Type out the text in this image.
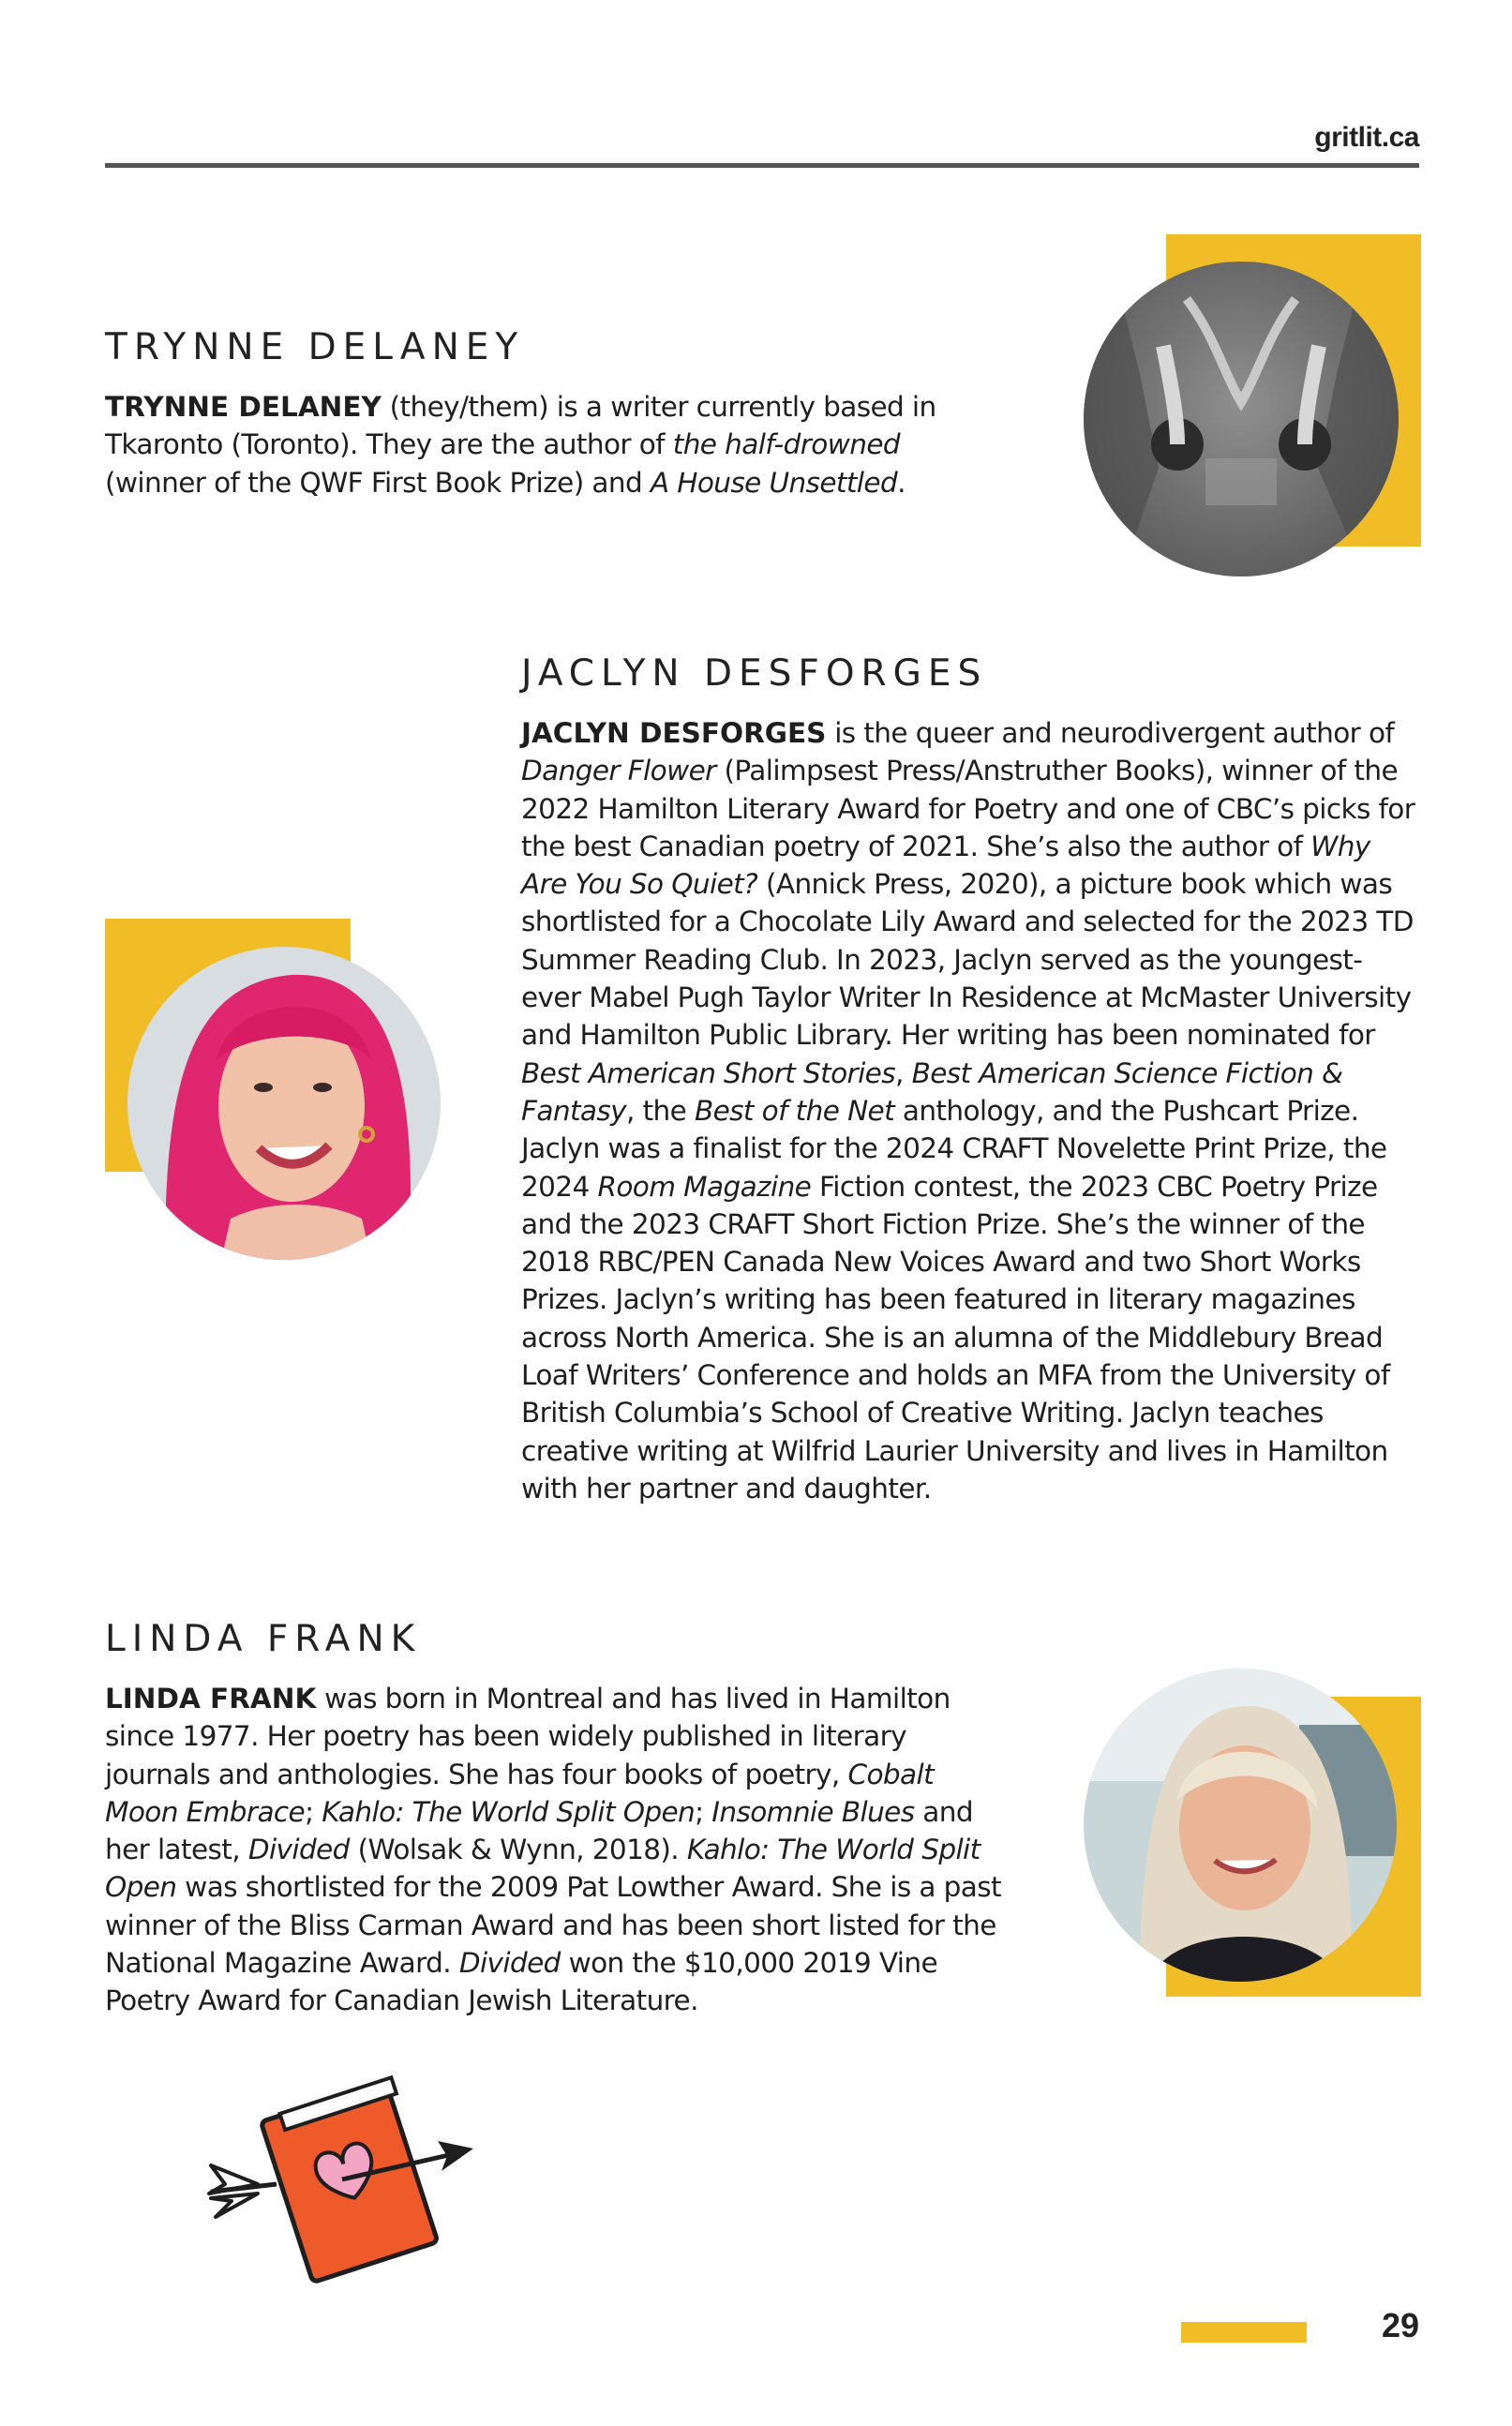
gritlit.ca
TRYNNE DELANEY

TRYNNE DELANEY (they/them) is a writer currently based in Tkaronto (Toronto). They are the author of the half-drowned (winner of the QWF First Book Prize) and A House Unsettled.

JACLYN DESFORGES

JACLYN DESFORGES is the queer and neurodivergent author of Danger Flower (Palimpsest Press/Anstruther Books), winner of the 2022 Hamilton Literary Award for Poetry and one of CBC’s picks for the best Canadian poetry of 2021. She’s also the author of Why Are You So Quiet? (Annick Press, 2020), a picture book which was shortlisted for a Chocolate Lily Award and selected for the 2023 TD Summer Reading Club. In 2023, Jaclyn served as the youngest-ever Mabel Pugh Taylor Writer In Residence at McMaster University and Hamilton Public Library. Her writing has been nominated for Best American Short Stories, Best American Science Fiction & Fantasy, the Best of the Net anthology, and the Pushcart Prize. Jaclyn was a finalist for the 2024 CRAFT Novelette Print Prize, the 2024 Room Magazine Fiction contest, the 2023 CBC Poetry Prize and the 2023 CRAFT Short Fiction Prize. She’s the winner of the 2018 RBC/PEN Canada New Voices Award and two Short Works Prizes. Jaclyn’s writing has been featured in literary magazines across North America. She is an alumna of the Middlebury Bread Loaf Writers’ Conference and holds an MFA from the University of British Columbia’s School of Creative Writing. Jaclyn teaches creative writing at Wilfrid Laurier University and lives in Hamilton with her partner and daughter.

LINDA FRANK

LINDA FRANK was born in Montreal and has lived in Hamilton since 1977. Her poetry has been widely published in literary journals and anthologies. She has four books of poetry, Cobalt Moon Embrace; Kahlo: The World Split Open; Insomnie Blues and her latest, Divided (Wolsak & Wynn, 2018). Kahlo: The World Split Open was shortlisted for the 2009 Pat Lowther Award. She is a past winner of the Bliss Carman Award and has been short listed for the National Magazine Award. Divided won the $10,000 2019 Vine Poetry Award for Canadian Jewish Literature.

29
